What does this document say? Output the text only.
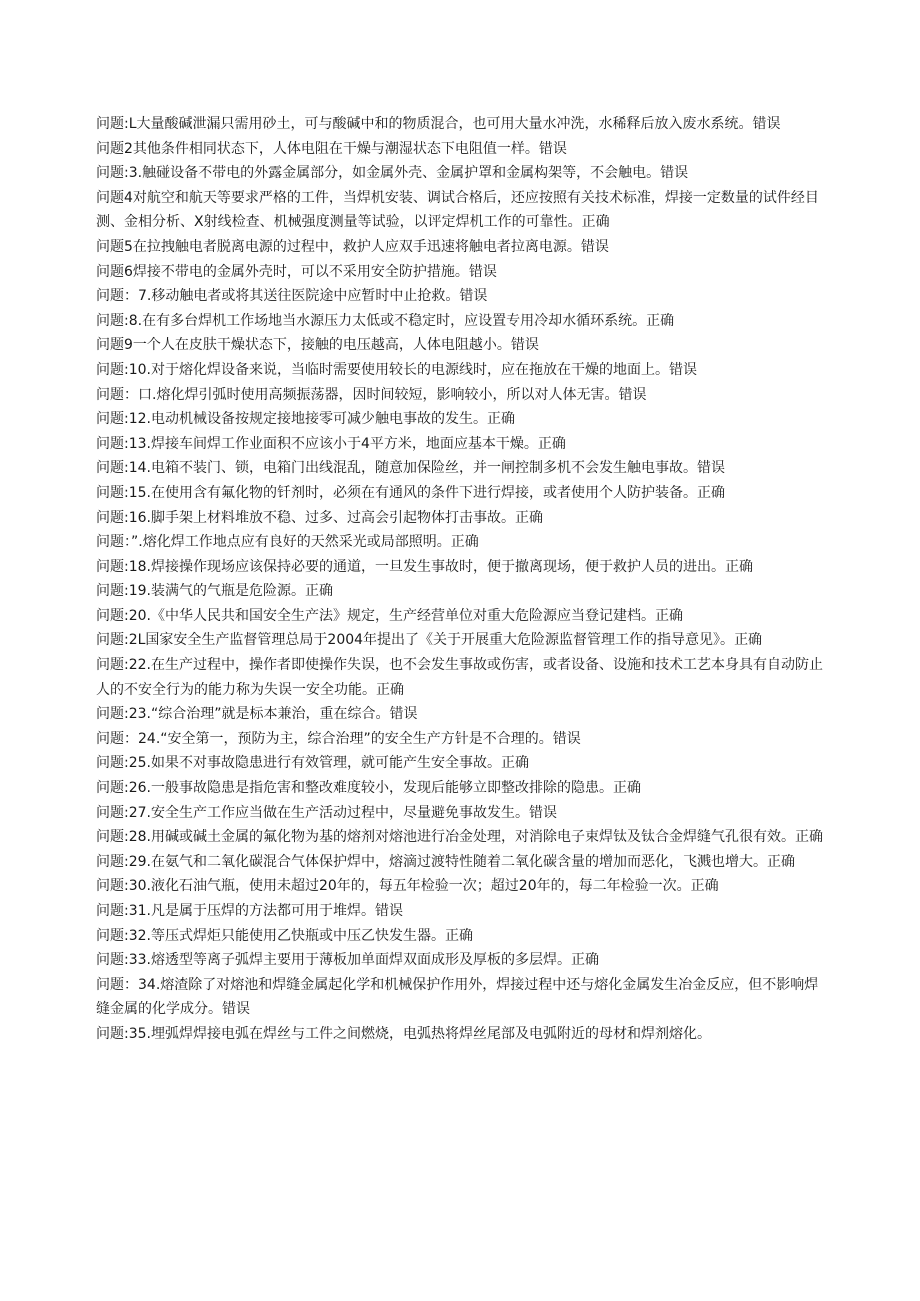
问题:L大量酸碱泄漏只需用砂土，可与酸碱中和的物质混合，也可用大量水冲洗，水稀释后放入废水系统。错误

问题2其他条件相同状态下，人体电阻在干燥与潮湿状态下电阻值一样。错误

问题:3.触碰设备不带电的外露金属部分，如金属外壳、金属护罩和金属构架等，不会触电。错误

问题4对航空和航天等要求严格的工件，当焊机安装、调试合格后，还应按照有关技术标准，焊接一定数量的试件经目测、金相分析、X射线检查、机械强度测量等试验，以评定焊机工作的可靠性。正确

问题5在拉拽触电者脱离电源的过程中，救护人应双手迅速将触电者拉离电源。错误

问题6焊接不带电的金属外壳时，可以不采用安全防护措施。错误

问题：7.移动触电者或将其送往医院途中应暂时中止抢救。错误

问题:8.在有多台焊机工作场地当水源压力太低或不稳定时，应设置专用冷却水循环系统。正确

问题9一个人在皮肤干燥状态下，接触的电压越高，人体电阻越小。错误

问题:10.对于熔化焊设备来说，当临时需要使用较长的电源线时，应在拖放在干燥的地面上。错误

问题：口.熔化焊引弧时使用高频振荡器，因时间较短，影响较小，所以对人体无害。错误

问题:12.电动机械设备按规定接地接零可减少触电事故的发生。正确

问题:13.焊接车间焊工作业面积不应该小于4平方米，地面应基本干燥。正确

问题:14.电箱不装门、锁，电箱门出线混乱，随意加保险丝，并一闸控制多机不会发生触电事故。错误

问题:15.在使用含有氟化物的钎剂时，必须在有通风的条件下进行焊接，或者使用个人防护装备。正确

问题:16.脚手架上材料堆放不稳、过多、过高会引起物体打击事故。正确

问题：”.熔化焊工作地点应有良好的天然采光或局部照明。正确

问题:18.焊接操作现场应该保持必要的通道，一旦发生事故时，便于撤离现场，便于救护人员的进出。正确

问题:19.装满气的气瓶是危险源。正确

问题:20.《中华人民共和国安全生产法》规定，生产经营单位对重大危险源应当登记建档。正确

问题:2L国家安全生产监督管理总局于2004年提出了《关于开展重大危险源监督管理工作的指导意见》。正确

问题:22.在生产过程中，操作者即使操作失误，也不会发生事故或伤害，或者设备、设施和技术工艺本身具有自动防止人的不安全行为的能力称为失误一安全功能。正确

问题:23.“综合治理”就是标本兼治，重在综合。错误

问题：24.“安全第一，预防为主，综合治理”的安全生产方针是不合理的。错误

问题:25.如果不对事故隐患进行有效管理，就可能产生安全事故。正确

问题:26.一般事故隐患是指危害和整改难度较小，发现后能够立即整改排除的隐患。正确

问题:27.安全生产工作应当做在生产活动过程中，尽量避免事故发生。错误

问题:28.用碱或碱土金属的氟化物为基的熔剂对熔池进行冶金处理，对消除电子束焊钛及钛合金焊缝气孔很有效。正确

问题:29.在氨气和二氧化碳混合气体保护焊中，熔滴过渡特性随着二氧化碳含量的增加而恶化，飞溅也增大。正确

问题:30.液化石油气瓶，使用未超过20年的，每五年检验一次；超过20年的，每二年检验一次。正确

问题:31.凡是属于压焊的方法都可用于堆焊。错误

问题:32.等压式焊炬只能使用乙快瓶或中压乙快发生器。正确

问题:33.熔透型等离子弧焊主要用于薄板加单面焊双面成形及厚板的多层焊。正确

问题：34.熔渣除了对熔池和焊缝金属起化学和机械保护作用外，焊接过程中还与熔化金属发生冶金反应，但不影响焊缝金属的化学成分。错误

问题:35.埋弧焊焊接电弧在焊丝与工件之间燃烧，电弧热将焊丝尾部及电弧附近的母材和焊剂熔化。
